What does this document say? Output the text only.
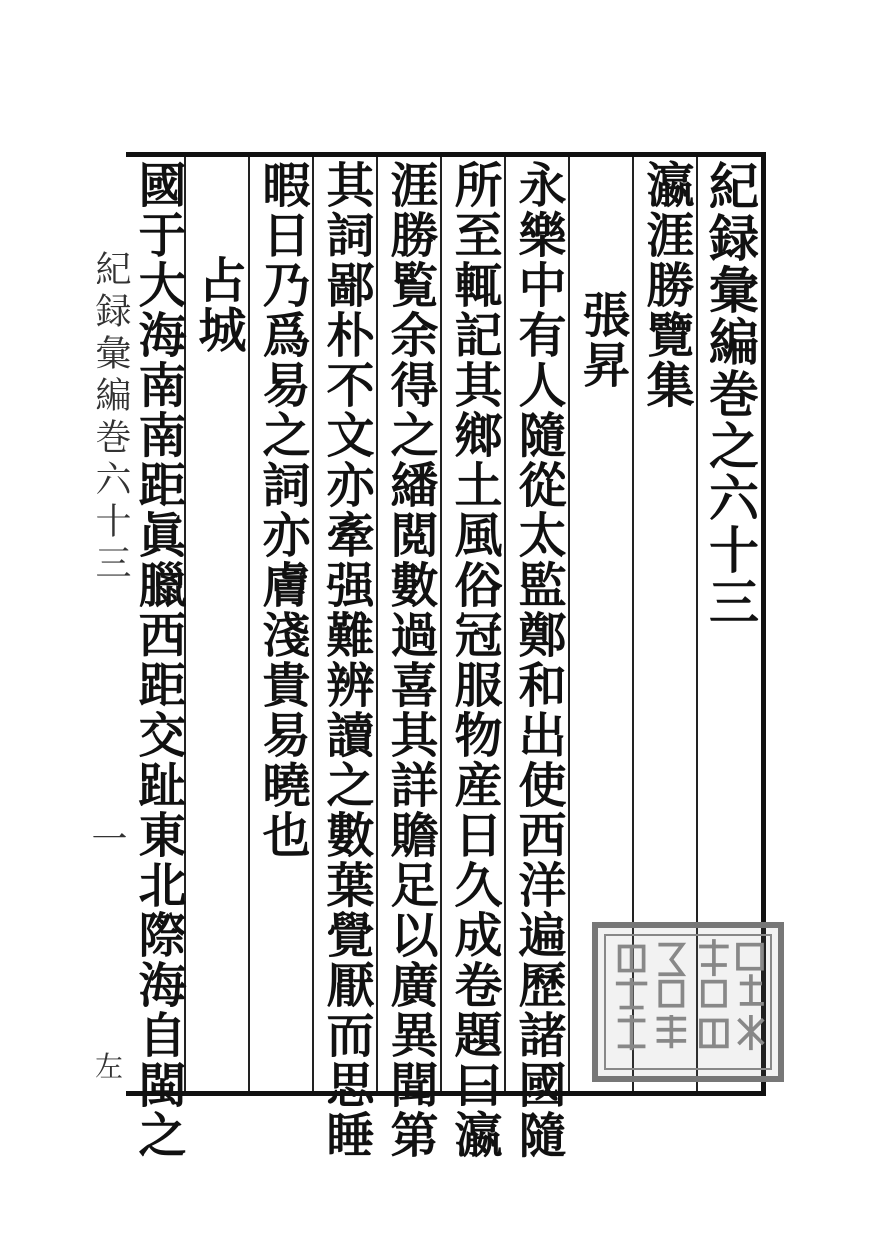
紀録彙編巻之六十三
瀛涯勝覽集
張昇
永樂中有人隨從太監鄭和出使西洋遍歷諸國隨
所至輒記其鄉土風俗冠服物産日久成卷題曰瀛
涯勝覧余得之繙閲數過喜其詳贍足以廣異聞第
其詞鄙朴不文亦牽强難辨讀之數葉覺厭而思睡
暇日乃爲易之詞亦膚淺貴易曉也
占城
國于大海南南距眞臘西距交趾東北際海自閩之
紀録彙編巻六十三
一
左
